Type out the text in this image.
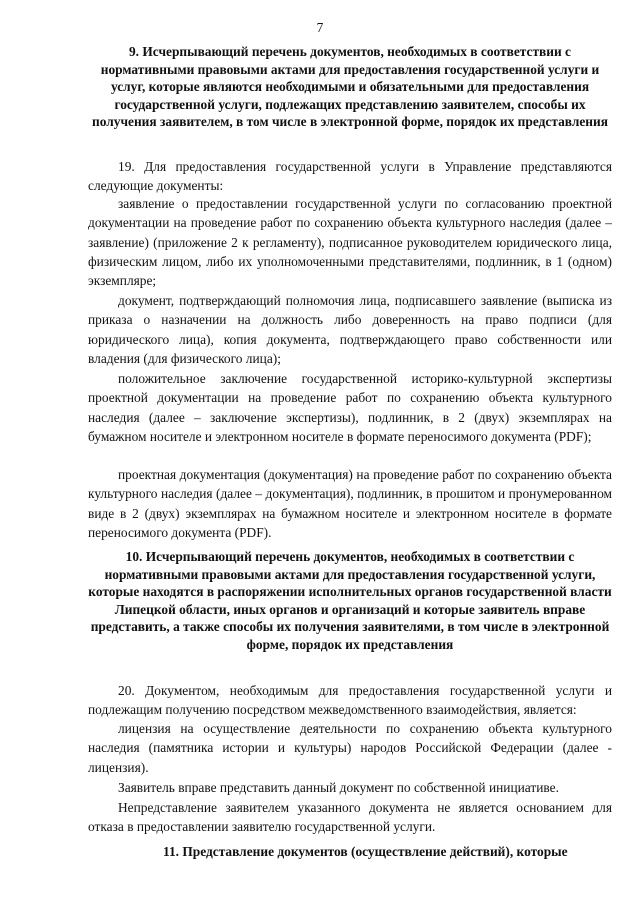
7
9. Исчерпывающий перечень документов, необходимых в соответствии с нормативными правовыми актами для предоставления государственной услуги и услуг, которые являются необходимыми и обязательными для предоставления государственной услуги, подлежащих представлению заявителем, способы их получения заявителем, в том числе в электронной форме, порядок их представления

19. Для предоставления государственной услуги в Управление представляются следующие документы:

заявление о предоставлении государственной услуги по согласованию проектной документации на проведение работ по сохранению объекта культурного наследия (далее – заявление) (приложение 2 к регламенту), подписанное руководителем юридического лица, физическим лицом, либо их уполномоченными представителями, подлинник, в 1 (одном) экземпляре;

документ, подтверждающий полномочия лица, подписавшего заявление (выписка из приказа о назначении на должность либо доверенность на право подписи (для юридического лица), копия документа, подтверждающего право собственности или владения (для физического лица);

положительное заключение государственной историко-культурной экспертизы проектной документации на проведение работ по сохранению объекта культурного наследия (далее – заключение экспертизы), подлинник, в 2 (двух) экземплярах на бумажном носителе и электронном носителе в формате переносимого документа (PDF);

проектная документация (документация) на проведение работ по сохранению объекта культурного наследия (далее – документация), подлинник, в прошитом и пронумерованном виде в 2 (двух) экземплярах на бумажном носителе и электронном носителе в формате переносимого документа (PDF).

10. Исчерпывающий перечень документов, необходимых в соответствии с нормативными правовыми актами для предоставления государственной услуги, которые находятся в распоряжении исполнительных органов государственной власти Липецкой области, иных органов и организаций и которые заявитель вправе представить, а также способы их получения заявителями, в том числе в электронной форме, порядок их представления

20. Документом, необходимым для предоставления государственной услуги и подлежащим получению посредством межведомственного взаимодействия, является:

лицензия на осуществление деятельности по сохранению объекта культурного наследия (памятника истории и культуры) народов Российской Федерации (далее - лицензия).

Заявитель вправе представить данный документ по собственной инициативе.

Непредставление заявителем указанного документа не является основанием для отказа в предоставлении заявителю государственной услуги.

11. Представление документов (осуществление действий), которые
